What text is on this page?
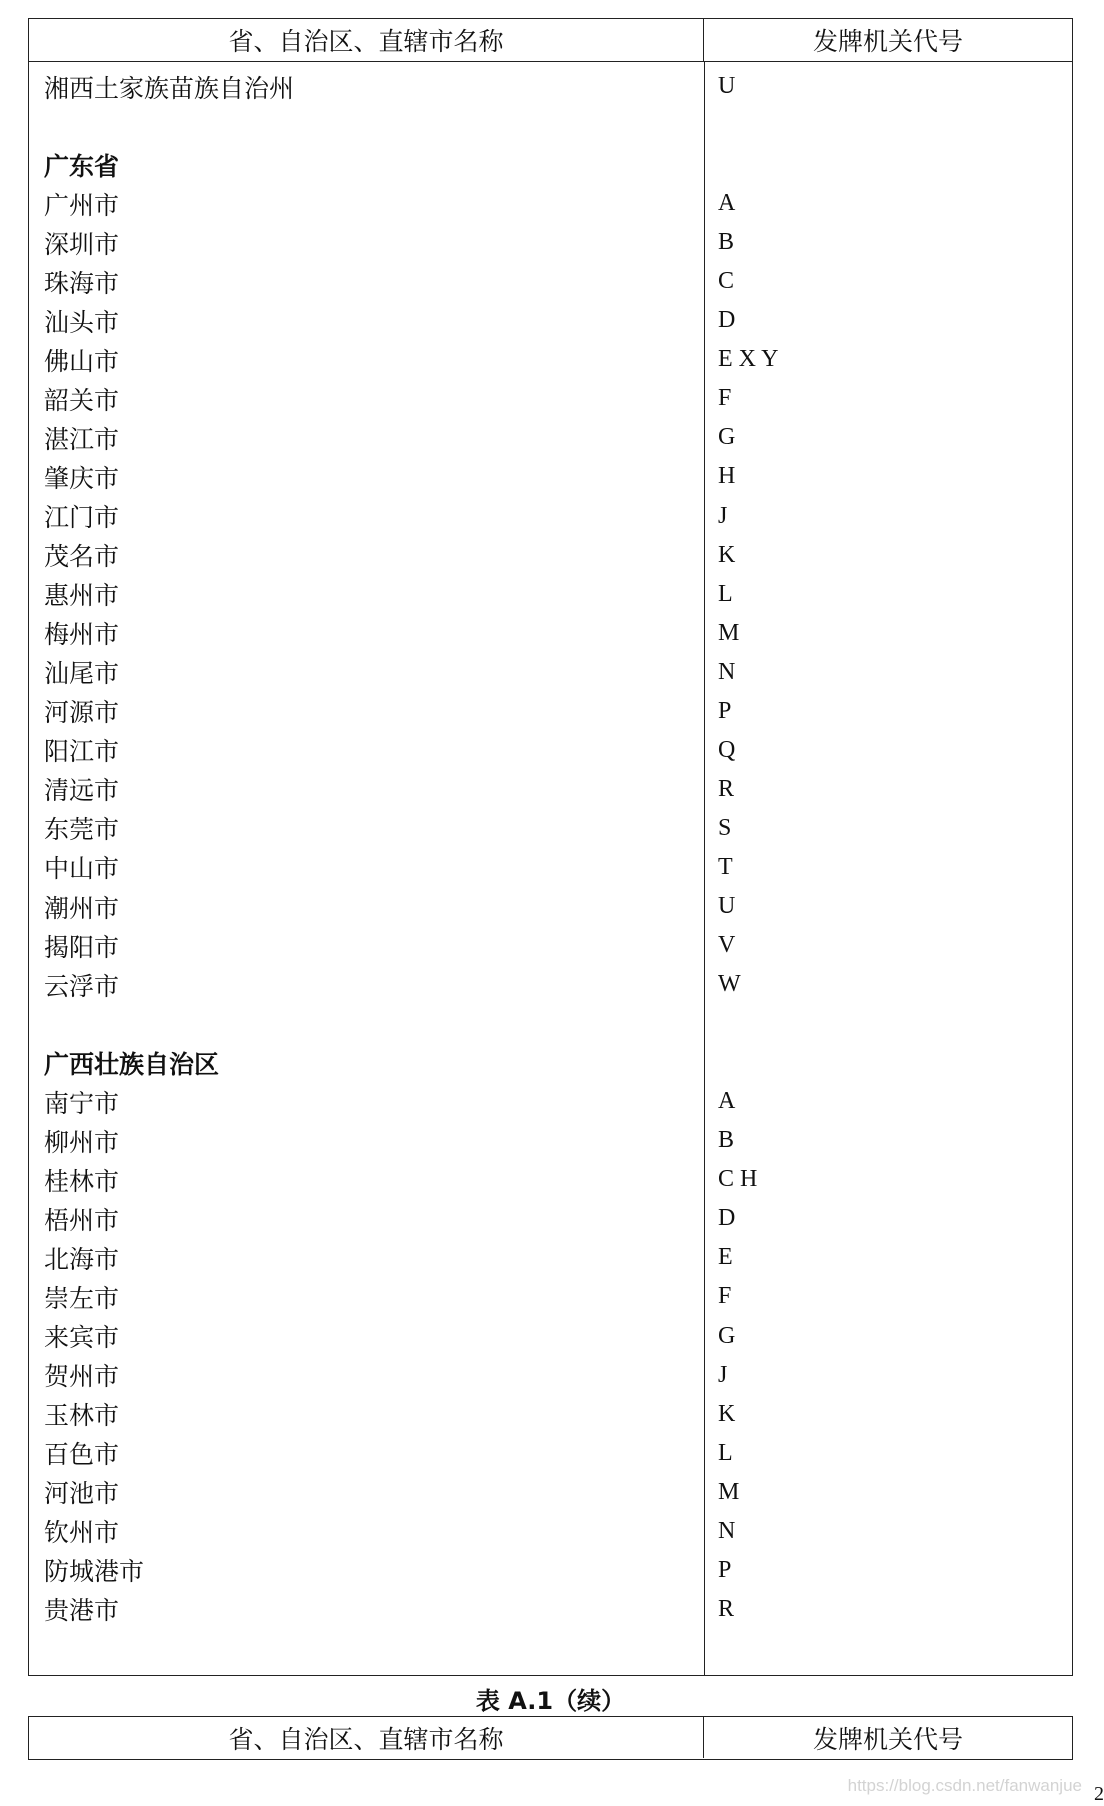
省、自治区、直辖市名称	发牌机关代号
湘西土家族苗族自治州	U
广东省
广州市	A
深圳市	B
珠海市	C
汕头市	D
佛山市	E X Y
韶关市	F
湛江市	G
肇庆市	H
江门市	J
茂名市	K
惠州市	L
梅州市	M
汕尾市	N
河源市	P
阳江市	Q
清远市	R
东莞市	S
中山市	T
潮州市	U
揭阳市	V
云浮市	W
广西壮族自治区
南宁市	A
柳州市	B
桂林市	C H
梧州市	D
北海市	E
崇左市	F
来宾市	G
贺州市	J
玉林市	K
百色市	L
河池市	M
钦州市	N
防城港市	P
贵港市	R
表 A.1（续）
省、自治区、直辖市名称	发牌机关代号
https://blog.csdn.net/fanwanjue 2
